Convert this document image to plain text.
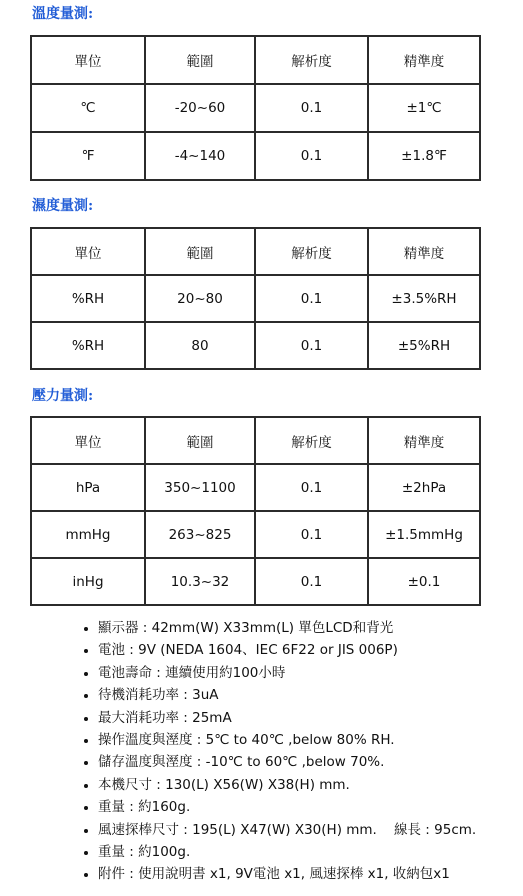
溫度量測:
單位	範圍	解析度	精準度
℃	-20~60	0.1	±1℃
℉	-4~140	0.1	±1.8℉
濕度量測:
單位	範圍	解析度	精準度
%RH	20~80	0.1	±3.5%RH
%RH	80	0.1	±5%RH
壓力量測:
單位	範圍	解析度	精準度
hPa	350~1100	0.1	±2hPa
mmHg	263~825	0.1	±1.5mmHg
inHg	10.3~32	0.1	±0.1
• 顯示器 : 42mm(W) X33mm(L) 單色LCD和背光
• 電池 : 9V (NEDA 1604、IEC 6F22 or JIS 006P)
• 電池壽命 : 連續使用約100小時
• 待機消耗功率 : 3uA
• 最大消耗功率 : 25mA
• 操作溫度與溼度 : 5℃ to 40℃ ,below 80% RH.
• 儲存溫度與溼度 : -10℃ to 60℃ ,below 70%.
• 本機尺寸 : 130(L) X56(W) X38(H) mm.
• 重量 : 約160g.
• 風速探棒尺寸 : 195(L) X47(W) X30(H) mm.    線長 : 95cm.
• 重量 : 約100g.
• 附件 : 使用說明書 x1, 9V電池 x1, 風速探棒 x1, 收納包x1
